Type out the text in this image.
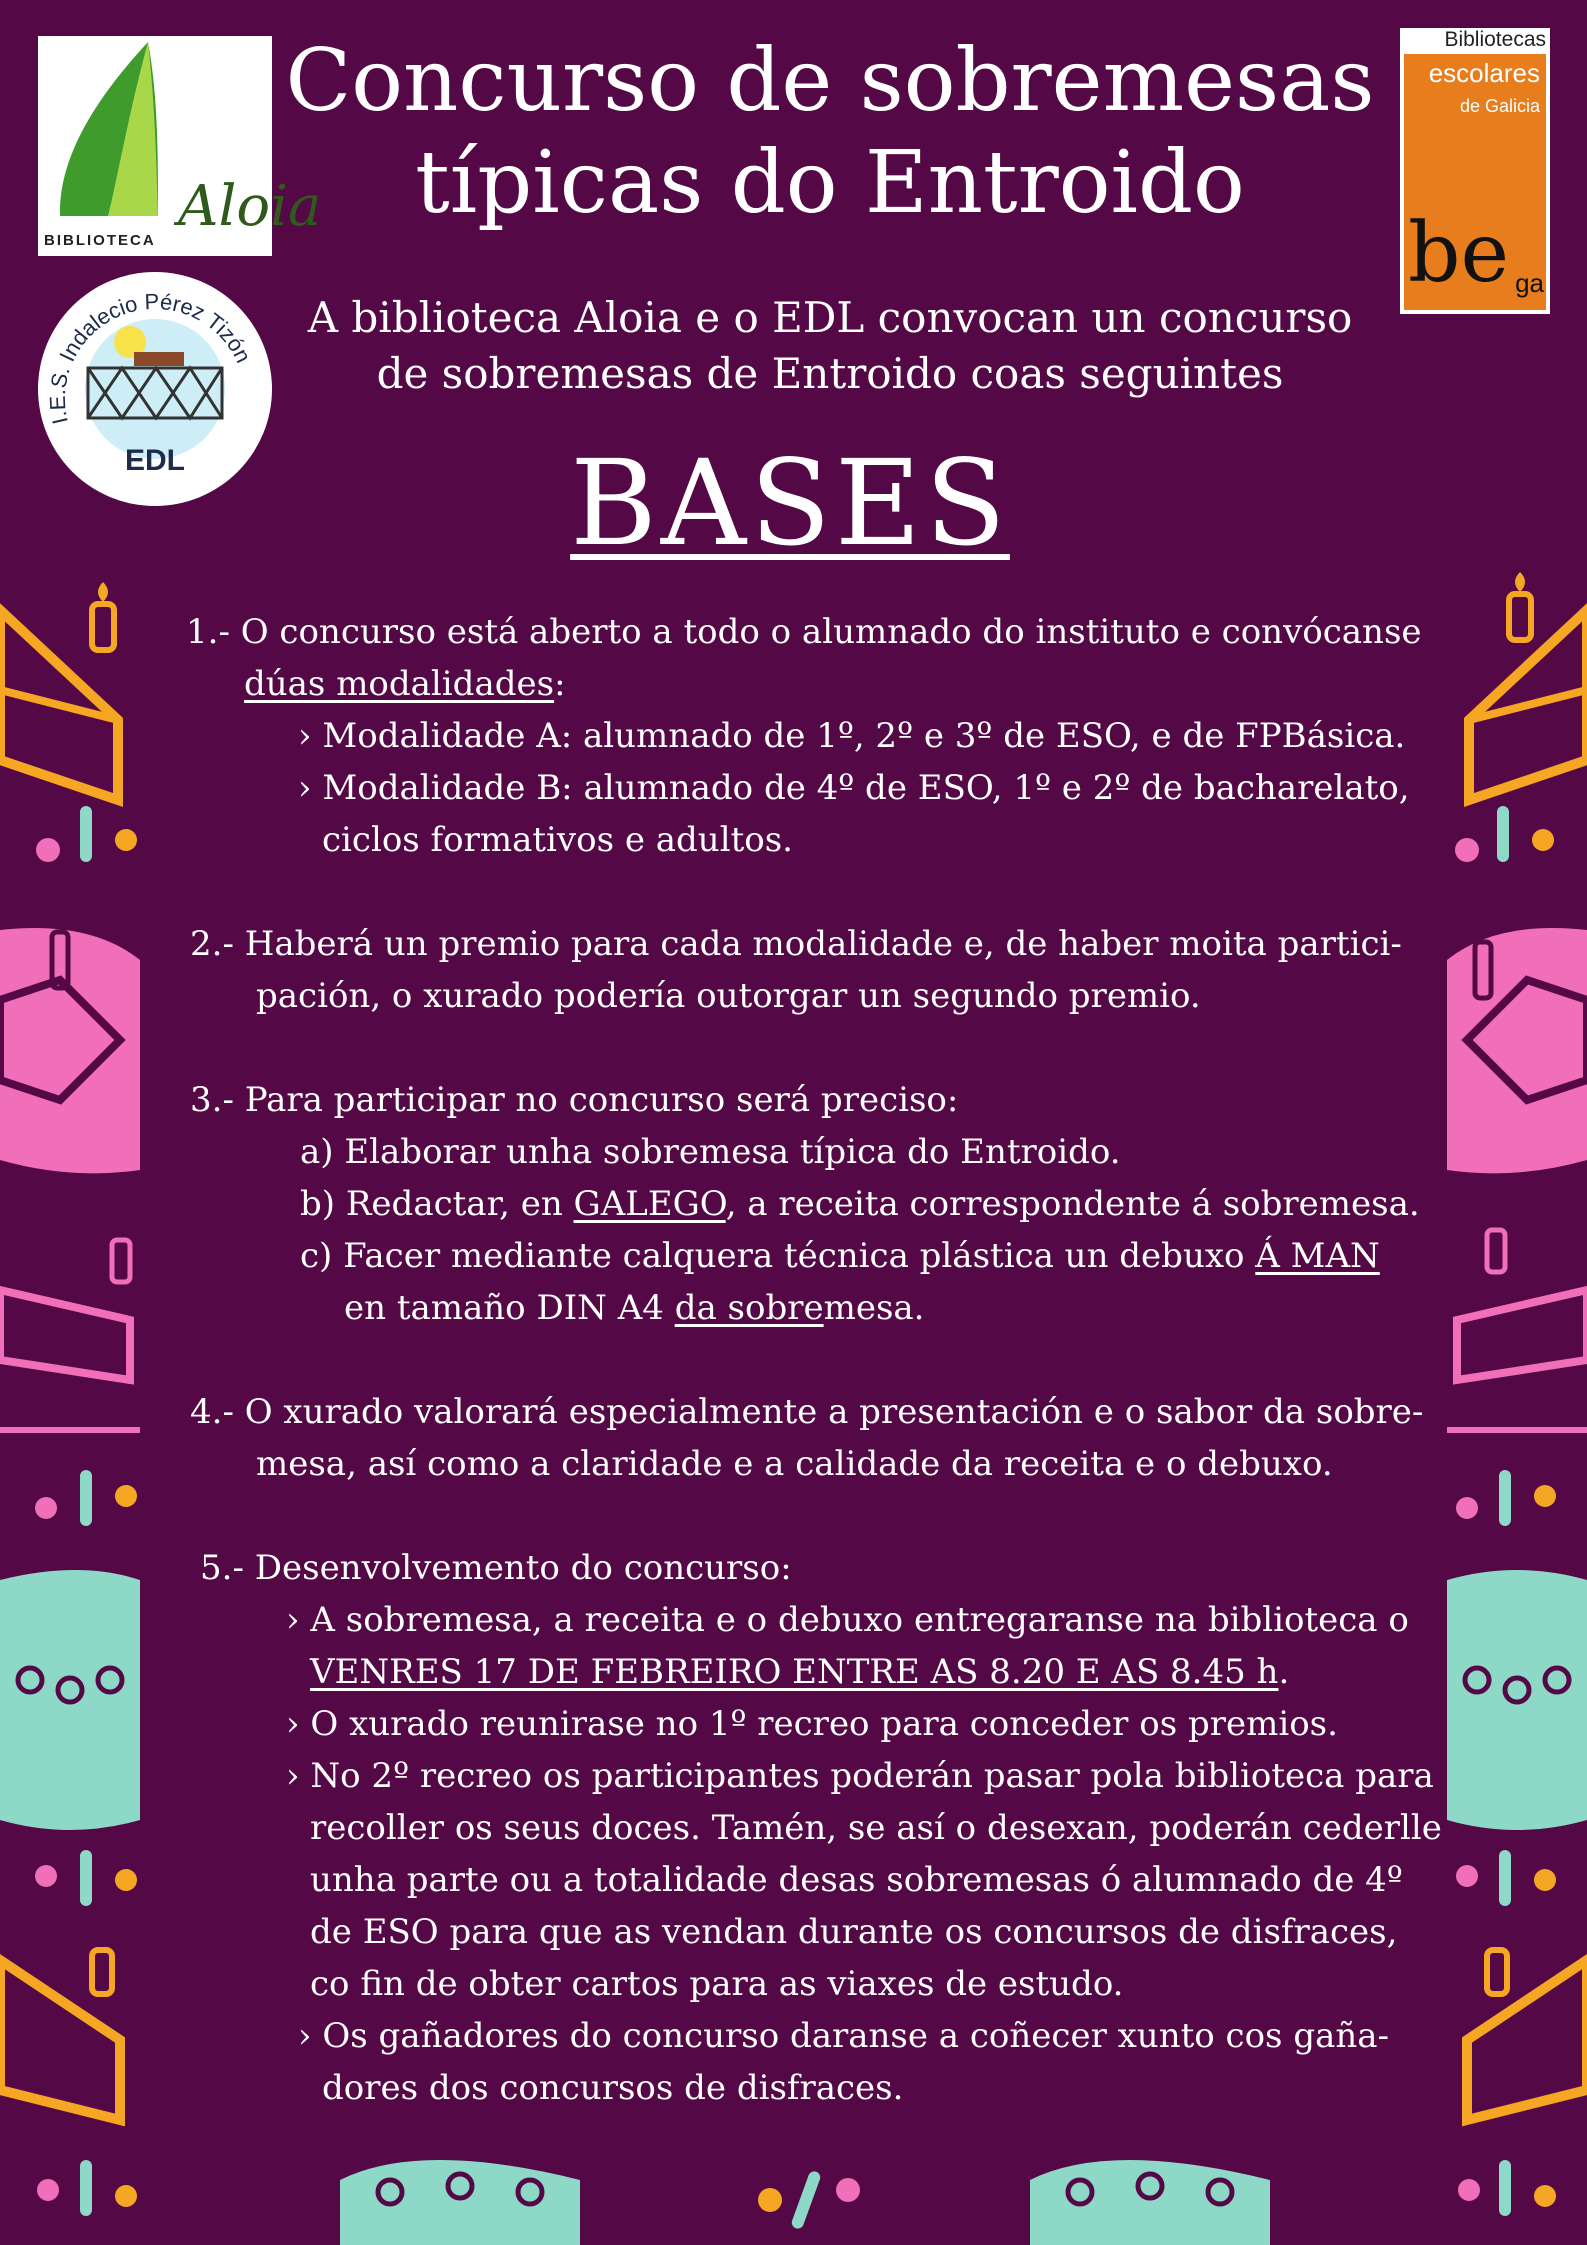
Aloia
BIBLIOTECA
I.E.S. Indalecio Pérez Tizón
EDL
Bibliotecas
escolares
de Galicia
be ga
Concurso de sobremesas
típicas do Entroido
A biblioteca Aloia e o EDL convocan un concurso
de sobremesas de Entroido coas seguintes
BASES
1.- O concurso está aberto a todo o alumnado do instituto e convócanse
dúas modalidades:
› Modalidade A: alumnado de 1º, 2º e 3º de ESO, e de FPBásica.
› Modalidade B: alumnado de 4º de ESO, 1º e 2º de bacharelato,
ciclos formativos e adultos.
2.- Haberá un premio para cada modalidade e, de haber moita partici-
pación, o xurado podería outorgar un segundo premio.
3.- Para participar no concurso será preciso:
a) Elaborar unha sobremesa típica do Entroido.
b) Redactar, en GALEGO, a receita correspondente á sobremesa.
c) Facer mediante calquera técnica plástica un debuxo Á MAN
en tamaño DIN A4 da sobremesa.
4.- O xurado valorará especialmente a presentación e o sabor da sobre-
mesa, así como a claridade e a calidade da receita e o debuxo.
5.- Desenvolvemento do concurso:
› A sobremesa, a receita e o debuxo entregaranse na biblioteca o
VENRES 17 DE FEBREIRO ENTRE AS 8.20 E AS 8.45 h.
› O xurado reunirase no 1º recreo para conceder os premios.
› No 2º recreo os participantes poderán pasar pola biblioteca para
recoller os seus doces. Tamén, se así o desexan, poderán cederlle
unha parte ou a totalidade desas sobremesas ó alumnado de 4º
de ESO para que as vendan durante os concursos de disfraces,
co fin de obter cartos para as viaxes de estudo.
› Os gañadores do concurso daranse a coñecer xunto cos gaña-
dores dos concursos de disfraces.
